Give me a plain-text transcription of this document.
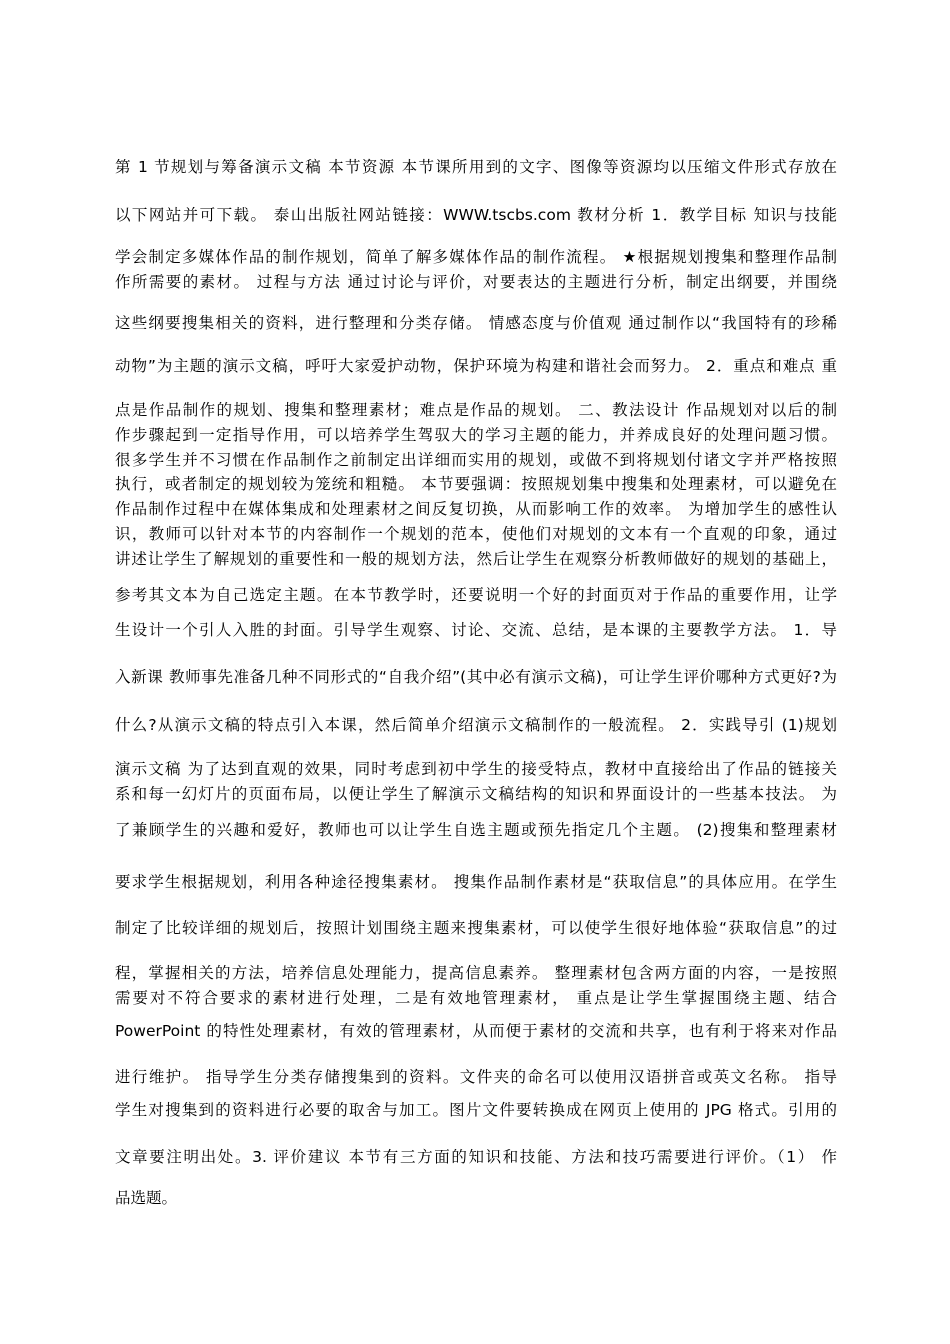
第 1 节规划与筹备演示文稿 本节资源 本节课所用到的文字、图像等资源均以压缩文件形式存放在

以下网站并可下载。 泰山出版社网站链接：WWW.tscbs.com 教材分析 1．教学目标 知识与技能

学会制定多媒体作品的制作规划，简单了解多媒体作品的制作流程。 ★根据规划搜集和整理作品制

作所需要的素材。 过程与方法 通过讨论与评价，对要表达的主题进行分析，制定出纲要，并围绕

这些纲要搜集相关的资料，进行整理和分类存储。 情感态度与价值观 通过制作以“我国特有的珍稀

动物”为主题的演示文稿，呼吁大家爱护动物，保护环境为构建和谐社会而努力。 2．重点和难点 重

点是作品制作的规划、搜集和整理素材；难点是作品的规划。 二、教法设计 作品规划对以后的制

作步骤起到一定指导作用，可以培养学生驾驭大的学习主题的能力，并养成良好的处理问题习惯。

很多学生并不习惯在作品制作之前制定出详细而实用的规划，或做不到将规划付诸文字并严格按照

执行，或者制定的规划较为笼统和粗糙。 本节要强调：按照规划集中搜集和处理素材，可以避免在

作品制作过程中在媒体集成和处理素材之间反复切换，从而影响工作的效率。 为增加学生的感性认

识，教师可以针对本节的内容制作一个规划的范本，使他们对规划的文本有一个直观的印象，通过

讲述让学生了解规划的重要性和一般的规划方法，然后让学生在观察分析教师做好的规划的基础上，

参考其文本为自己选定主题。在本节教学时，还要说明一个好的封面页对于作品的重要作用，让学

生设计一个引人入胜的封面。引导学生观察、讨论、交流、总结，是本课的主要教学方法。 1．导

入新课 教师事先准备几种不同形式的“自我介绍”(其中必有演示文稿)，可让学生评价哪种方式更好?为

什么?从演示文稿的特点引入本课，然后简单介绍演示文稿制作的一般流程。 2．实践导引 (1)规划

演示文稿 为了达到直观的效果，同时考虑到初中学生的接受特点，教材中直接给出了作品的链接关

系和每一幻灯片的页面布局，以便让学生了解演示文稿结构的知识和界面设计的一些基本技法。 为

了兼顾学生的兴趣和爱好，教师也可以让学生自选主题或预先指定几个主题。 (2)搜集和整理素材

要求学生根据规划，利用各种途径搜集素材。 搜集作品制作素材是“获取信息”的具体应用。在学生

制定了比较详细的规划后，按照计划围绕主题来搜集素材，可以使学生很好地体验“获取信息”的过

程，掌握相关的方法，培养信息处理能力，提高信息素养。 整理素材包含两方面的内容，一是按照

需要对不符合要求的素材进行处理，二是有效地管理素材， 重点是让学生掌握围绕主题、结合

PowerPoint 的特性处理素材，有效的管理素材，从而便于素材的交流和共享，也有利于将来对作品

进行维护。 指导学生分类存储搜集到的资料。文件夹的命名可以使用汉语拼音或英文名称。 指导

学生对搜集到的资料进行必要的取舍与加工。图片文件要转换成在网页上使用的 JPG 格式。引用的

文章要注明出处。3. 评价建议 本节有三方面的知识和技能、方法和技巧需要进行评价。（1） 作

品选题。
